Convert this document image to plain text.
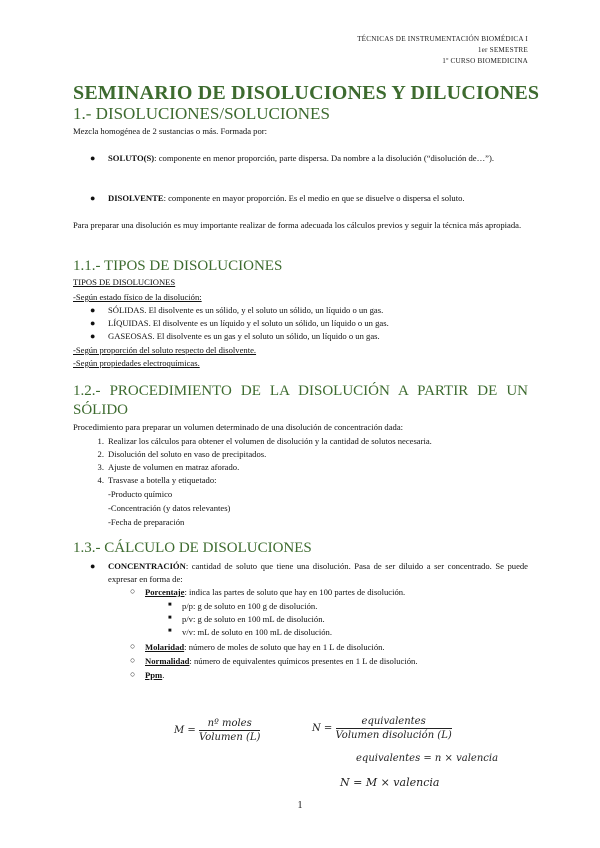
TÉCNICAS DE INSTRUMENTACIÓN BIOMÉDICA I
1er SEMESTRE
1º CURSO BIOMEDICINA
SEMINARIO DE DISOLUCIONES Y DILUCIONES
1.- DISOLUCIONES/SOLUCIONES

Mezcla homogénea de 2 sustancias o más. Formada por:

● SOLUTO(S): componente en menor proporción, parte dispersa. Da nombre a la disolución (“disolución de…”).
● DISOLVENTE: componente en mayor proporción. Es el medio en que se disuelve o dispersa el soluto.

Para preparar una disolución es muy importante realizar de forma adecuada los cálculos previos y seguir la técnica más apropiada.

1.1.- TIPOS DE DISOLUCIONES

TIPOS DE DISOLUCIONES

-Según estado físico de la disolución:

● SÓLIDAS. El disolvente es un sólido, y el soluto un sólido, un líquido o un gas.
● LÍQUIDAS. El disolvente es un líquido y el soluto un sólido, un líquido o un gas.
● GASEOSAS. El disolvente es un gas y el soluto un sólido, un líquido o un gas.

-Según proporción del soluto respecto del disolvente.

-Según propiedades electroquímicas.

1.2.- PROCEDIMIENTO DE LA DISOLUCIÓN A PARTIR DE UN SÓLIDO

Procedimiento para preparar un volumen determinado de una disolución de concentración dada:

1. Realizar los cálculos para obtener el volumen de disolución y la cantidad de solutos necesaria.
2. Disolución del soluto en vaso de precipitados.
3. Ajuste de volumen en matraz aforado.
4. Trasvase a botella y etiquetado:
-Producto químico
-Concentración (y datos relevantes)
-Fecha de preparación
1.3.- CÁLCULO DE DISOLUCIONES
● CONCENTRACIÓN: cantidad de soluto que tiene una disolución. Pasa de ser diluido a ser concentrado. Se puede expresar en forma de:
○ Porcentaje: indica las partes de soluto que hay en 100 partes de disolución.
■ p/p: g de soluto en 100 g de disolución.
■ p/v: g de soluto en 100 mL de disolución.
■ v/v: mL de soluto en 100 mL de disolución.
○ Molaridad: número de moles de soluto que hay en 1 L de disolución.
○ Normalidad: número de equivalentes químicos presentes en 1 L de disolución.
○ Ppm.
$M = \frac{\text{nº moles}}{\text{Volumen (L)}}$	$N = \frac{\text{equivalentes}}{\text{Volumen disolución (L)}}$
equivalentes = n × valencia
N = M × valencia
1
